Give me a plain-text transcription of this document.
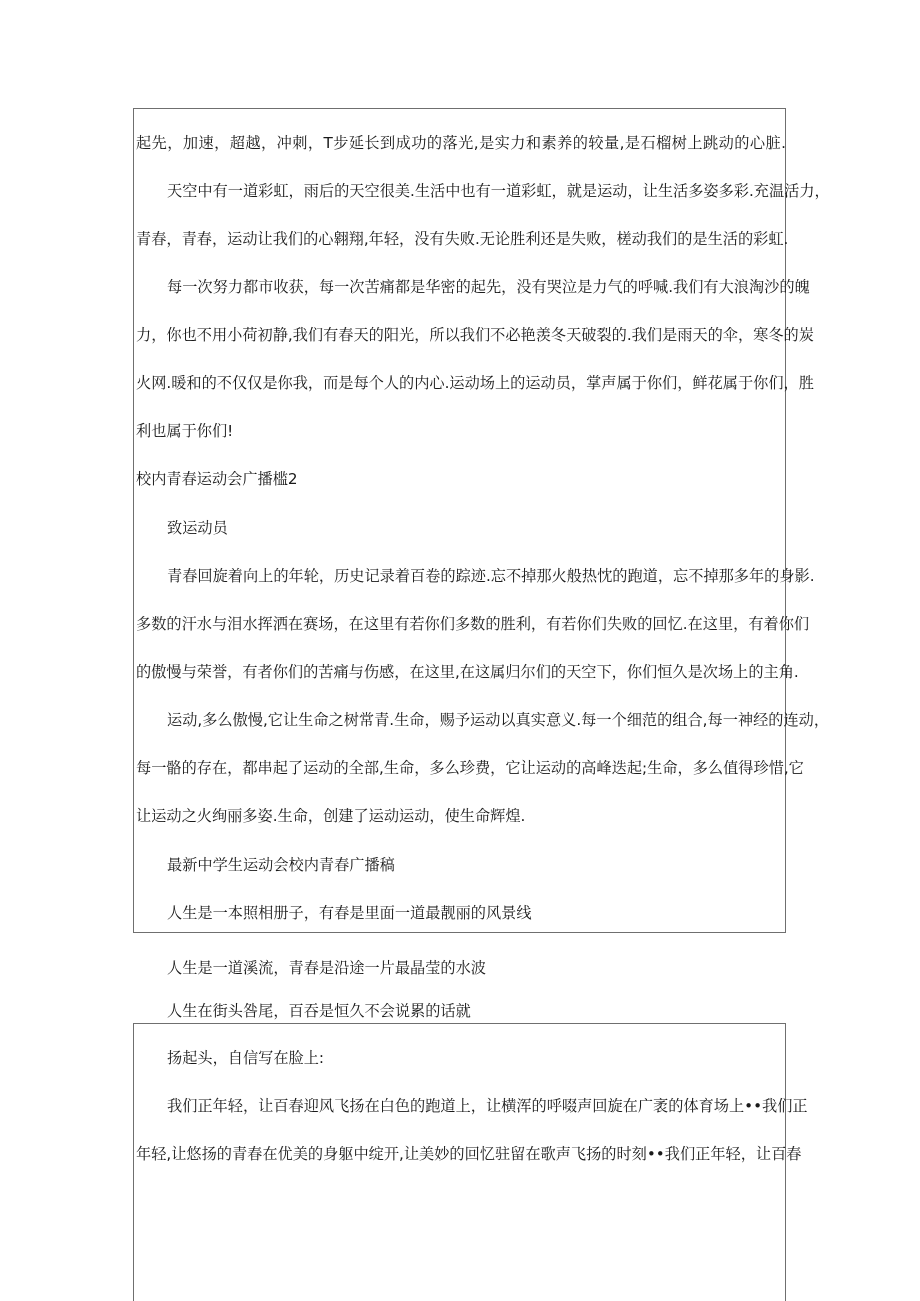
起先，加速，超越，冲刺，T步延长到成功的落光,是实力和素养的较量,是石榴树上跳动的心脏.
天空中有一道彩虹，雨后的天空很美.生活中也有一道彩虹，就是运动，让生活多姿多彩.充温活力，
青春，青春，运动让我们的心翱翔,年轻，没有失败.无论胜利还是失败，槎动我们的是生活的彩虹.
每一次努力都市收获，每一次苦痛都是华密的起先，没有哭泣是力气的呼喊.我们有大浪淘沙的魄
力，你也不用小荷初静,我们有春天的阳光，所以我们不必艳羡冬天破裂的.我们是雨天的伞，寒冬的炭
火网.暖和的不仅仅是你我，而是每个人的内心.运动场上的运动员，掌声属于你们，鲜花属于你们，胜
利也属于你们!
校内青春运动会广播槛2
致运动员
青春回旋着向上的年轮，历史记录着百卷的踪迹.忘不掉那火般热忱的跑道，忘不掉那多年的身影.
多数的汗水与泪水挥洒在赛场，在这里有若你们多数的胜利，有若你们失败的回忆.在这里，有着你们
的傲慢与荣誉，有者你们的苦痛与伤感，在这里,在这属归尔们的天空下，你们恒久是次场上的主角.
运动,多么傲慢,它让生命之树常青.生命，赐予运动以真实意义.每一个细范的组合,每一神经的连动，
每一骼的存在，都串起了运动的全部,生命，多么珍费，它让运动的高峰迭起;生命，多么值得珍惜,它
让运动之火绚丽多姿.生命，创建了运动运动，使生命辉煌.
最新中学生运动会校内青春广播稿
人生是一本照相册子，有春是里面一道最靓丽的风景线
人生是一道溪流，青春是沿途一片最晶莹的水波
人生在街头咎尾，百吞是恒久不会说累的话就
扬起头，自信写在脸上:
我们正年轻，让百春迎风飞扬在白色的跑道上，让横浑的呼啜声回旋在广袤的体育场上••我们正
年轻,让悠扬的青春在优美的身躯中绽开,让美妙的回忆驻留在歌声飞扬的时刻••我们正年轻，让百春
